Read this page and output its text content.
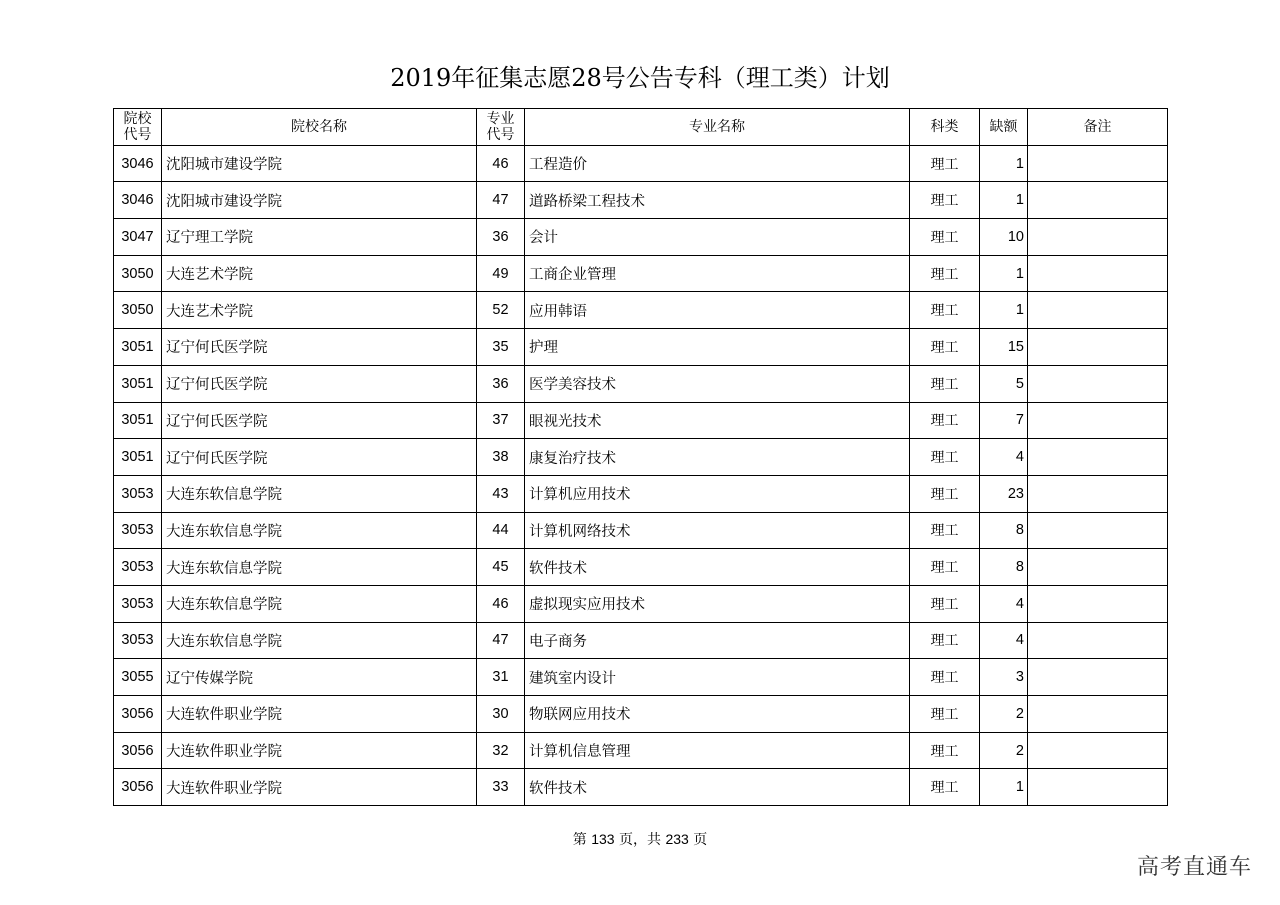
2019年征集志愿28号公告专科（理工类）计划
院校代号	院校名称	专业代号	专业名称	科类	缺额	备注
3046	沈阳城市建设学院	46	工程造价	理工	1	
3046	沈阳城市建设学院	47	道路桥梁工程技术	理工	1	
3047	辽宁理工学院	36	会计	理工	10	
3050	大连艺术学院	49	工商企业管理	理工	1	
3050	大连艺术学院	52	应用韩语	理工	1	
3051	辽宁何氏医学院	35	护理	理工	15	
3051	辽宁何氏医学院	36	医学美容技术	理工	5	
3051	辽宁何氏医学院	37	眼视光技术	理工	7	
3051	辽宁何氏医学院	38	康复治疗技术	理工	4	
3053	大连东软信息学院	43	计算机应用技术	理工	23	
3053	大连东软信息学院	44	计算机网络技术	理工	8	
3053	大连东软信息学院	45	软件技术	理工	8	
3053	大连东软信息学院	46	虚拟现实应用技术	理工	4	
3053	大连东软信息学院	47	电子商务	理工	4	
3055	辽宁传媒学院	31	建筑室内设计	理工	3	
3056	大连软件职业学院	30	物联网应用技术	理工	2	
3056	大连软件职业学院	32	计算机信息管理	理工	2	
3056	大连软件职业学院	33	软件技术	理工	1	
第 133 页，共 233 页
高考直通车
